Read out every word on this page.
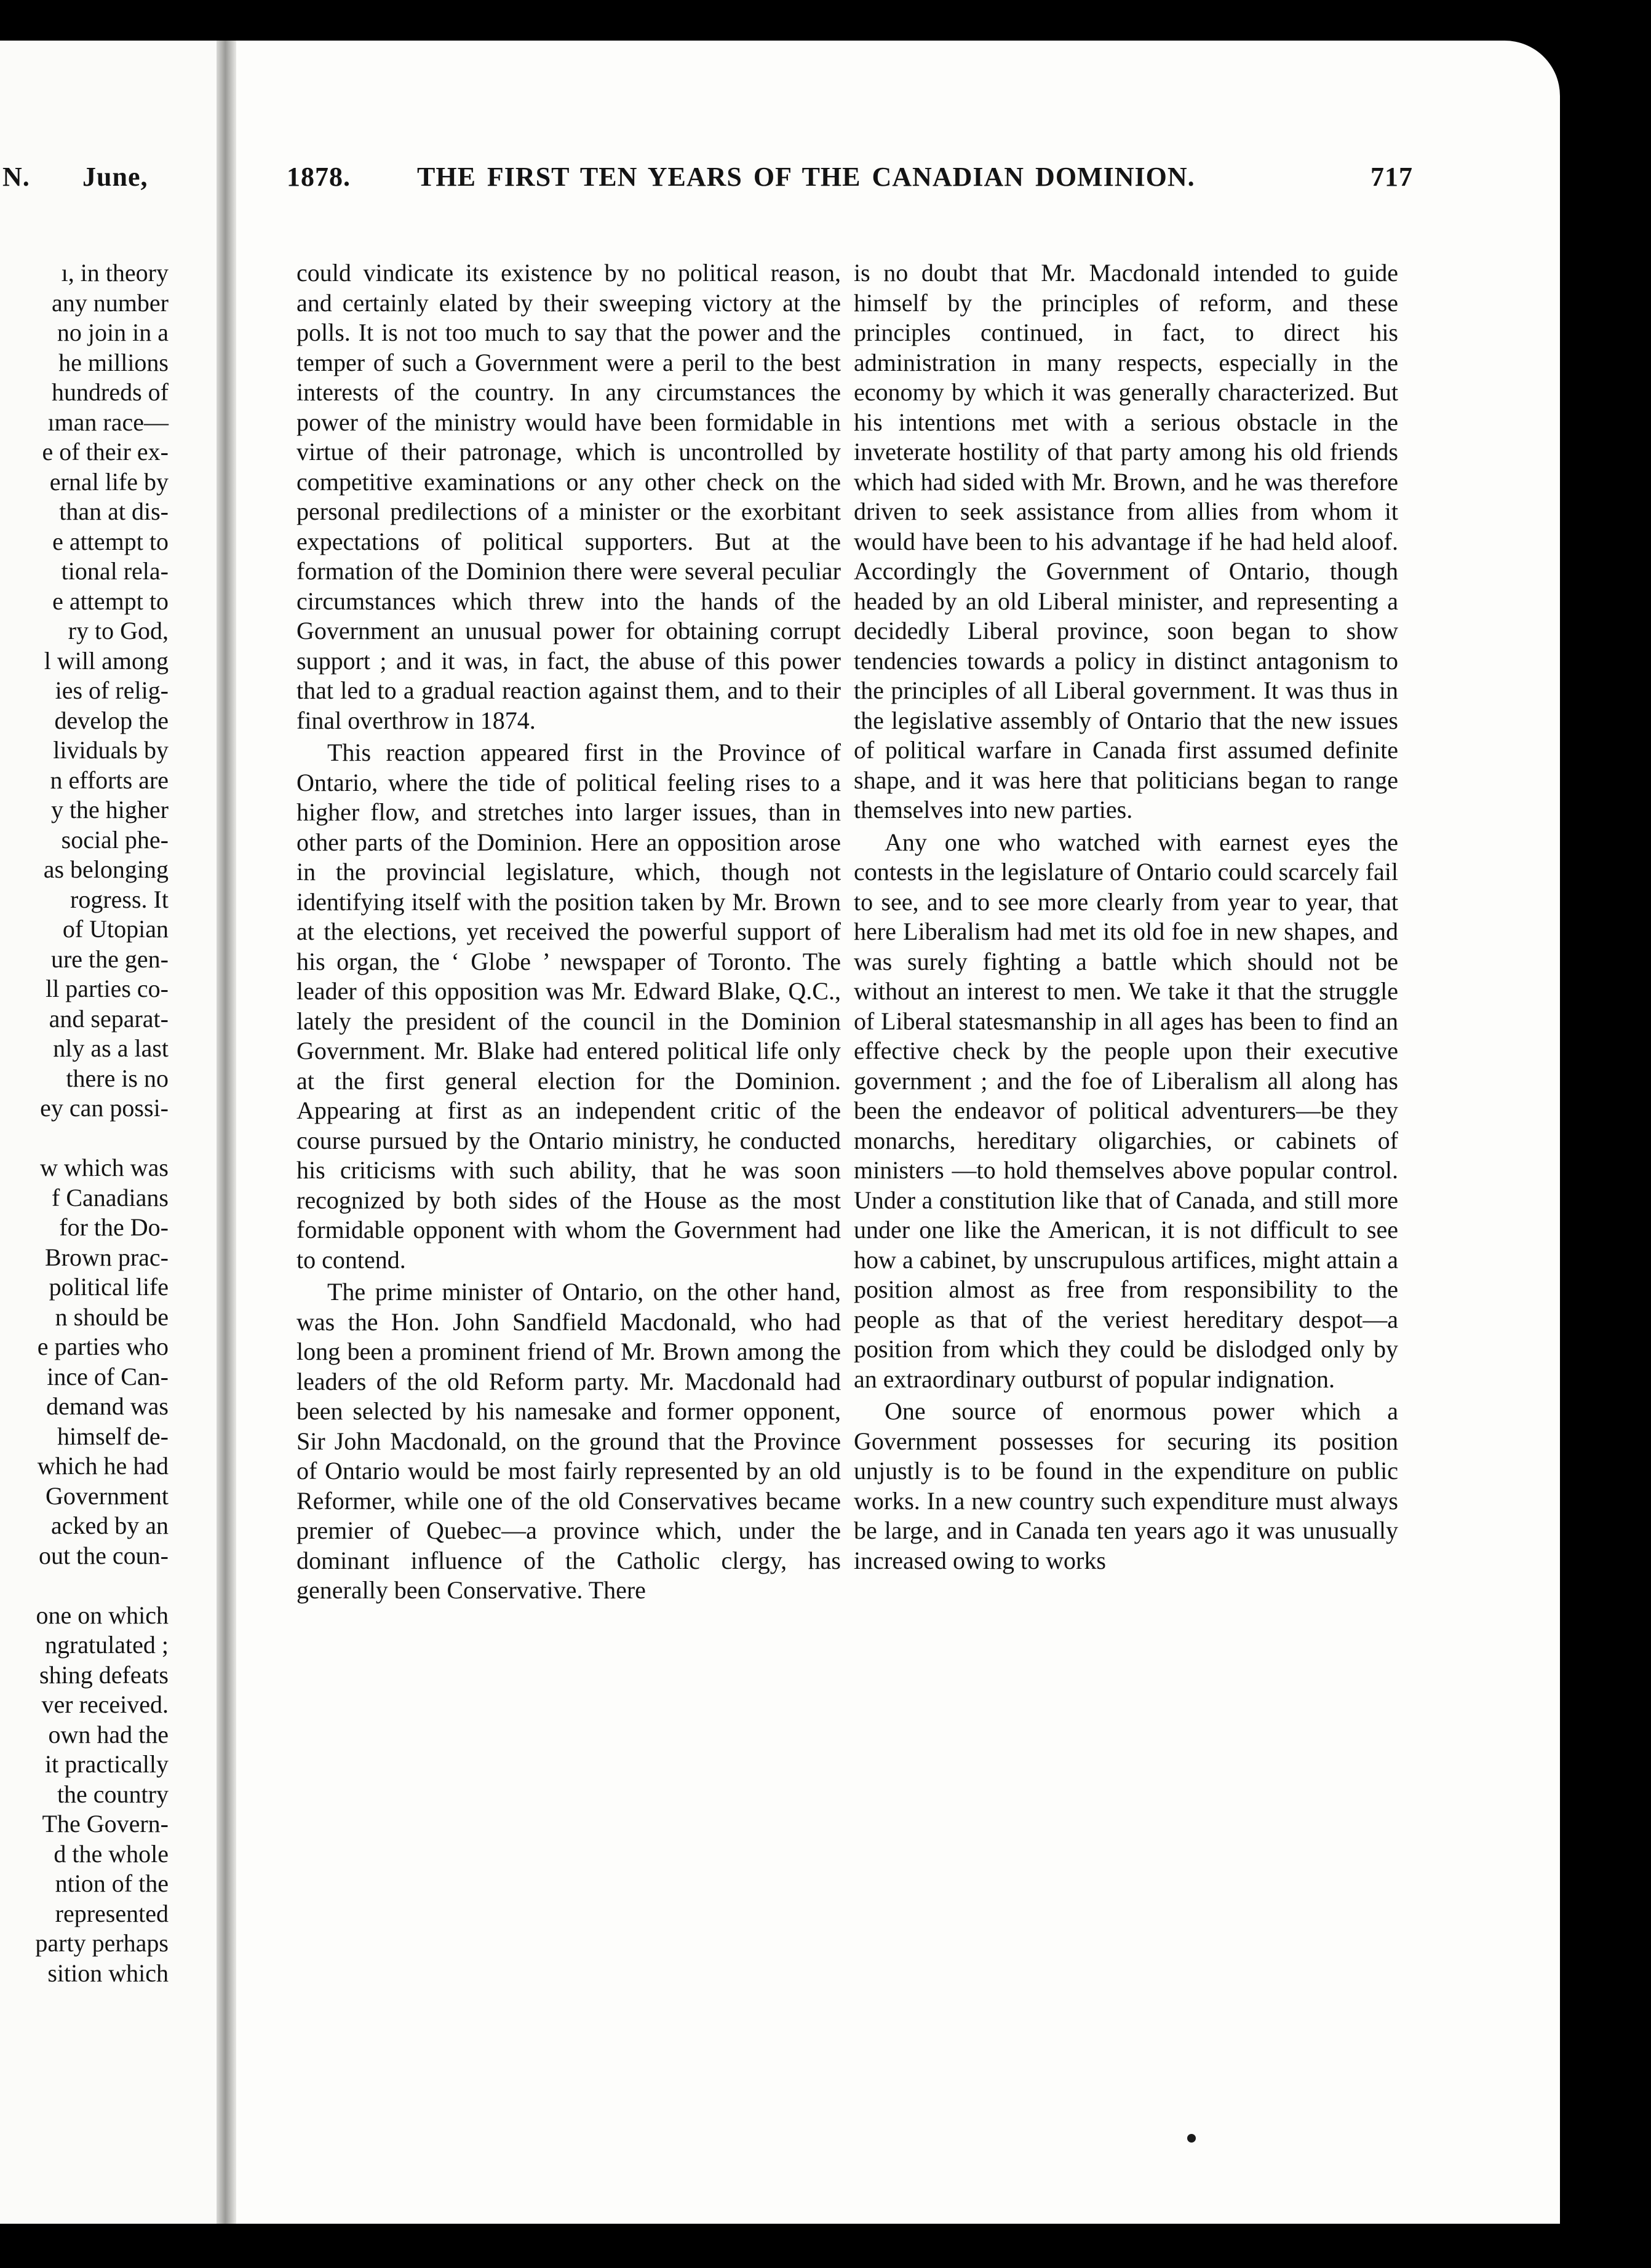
N. June,
ı, in theory
any number
no join in a
he millions
hundreds of
ıman race—
e of their ex-
ernal life by
than at dis-
e attempt to
tional rela-
e attempt to
ry to God,
l will among
ies of relig-
develop the
lividuals by
n efforts are
y the higher
social phe-
as belonging
rogress. It
of Utopian
ure the gen-
ll parties co-
and separat-
nly as a last
there is no
ey can possi-
w which was
f Canadians
for the Do-
Brown prac-
political life
n should be
e parties who
ince of Can-
demand was
himself de-
which he had
Government
acked by an
out the coun-
one on which
ngratulated ;
shing defeats
ver received.
own had the
it practically
the country
The Govern-
d the whole
ntion of the
represented
party perhaps
sition which
1878. THE FIRST TEN YEARS OF THE CANADIAN DOMINION.	717

could vindicate its existence by no political reason, and certainly elated by their sweeping victory at the polls. It is not too much to say that the power and the temper of such a Government were a peril to the best interests of the country. In any circumstances the power of the ministry would have been formidable in virtue of their patronage, which is uncontrolled by competitive examinations or any other check on the personal predilections of a minister or the exorbitant expectations of political supporters. But at the formation of the Dominion there were several peculiar circumstances which threw into the hands of the Government an unusual power for obtaining corrupt support ; and it was, in fact, the abuse of this power that led to a gradual reaction against them, and to their final overthrow in 1874.

This reaction appeared first in the Province of Ontario, where the tide of political feeling rises to a higher flow, and stretches into larger issues, than in other parts of the Dominion. Here an opposition arose in the provincial legislature, which, though not identifying itself with the position taken by Mr. Brown at the elections, yet received the powerful support of his organ, the ‘ Globe ’ newspaper of Toronto. The leader of this opposition was Mr. Edward Blake, Q.C., lately the president of the council in the Dominion Government. Mr. Blake had entered political life only at the first general election for the Dominion. Appearing at first as an independent critic of the course pursued by the Ontario ministry, he conducted his criticisms with such ability, that he was soon recognized by both sides of the House as the most formidable opponent with whom the Government had to contend.

The prime minister of Ontario, on the other hand, was the Hon. John Sandfield Macdonald, who had long been a prominent friend of Mr. Brown among the leaders of the old Reform party. Mr. Macdonald had been selected by his namesake and former opponent, Sir John Macdonald, on the ground that the Province of Ontario would be most fairly represented by an old Reformer, while one of the old Conservatives became premier of Quebec—a province which, under the dominant influence of the Catholic clergy, has generally been Conservative. There

is no doubt that Mr. Macdonald intended to guide himself by the principles of reform, and these principles continued, in fact, to direct his administration in many respects, especially in the economy by which it was generally characterized. But his intentions met with a serious obstacle in the inveterate hostility of that party among his old friends which had sided with Mr. Brown, and he was therefore driven to seek assistance from allies from whom it would have been to his advantage if he had held aloof. Accordingly the Government of Ontario, though headed by an old Liberal minister, and representing a decidedly Liberal province, soon began to show tendencies towards a policy in distinct antagonism to the principles of all Liberal government. It was thus in the legislative assembly of Ontario that the new issues of political warfare in Canada first assumed definite shape, and it was here that politicians began to range themselves into new parties.

Any one who watched with earnest eyes the contests in the legislature of Ontario could scarcely fail to see, and to see more clearly from year to year, that here Liberalism had met its old foe in new shapes, and was surely fighting a battle which should not be without an interest to men. We take it that the struggle of Liberal statesmanship in all ages has been to find an effective check by the people upon their executive government ; and the foe of Liberalism all along has been the endeavor of political adventurers—be they monarchs, hereditary oligarchies, or cabinets of ministers —to hold themselves above popular control. Under a constitution like that of Canada, and still more under one like the American, it is not difficult to see how a cabinet, by unscrupulous artifices, might attain a position almost as free from responsibility to the people as that of the veriest hereditary despot—a position from which they could be dislodged only by an extraordinary outburst of popular indignation.

One source of enormous power which a Government possesses for securing its position unjustly is to be found in the expenditure on public works. In a new country such expenditure must always be large, and in Canada ten years ago it was unusually increased owing to works
